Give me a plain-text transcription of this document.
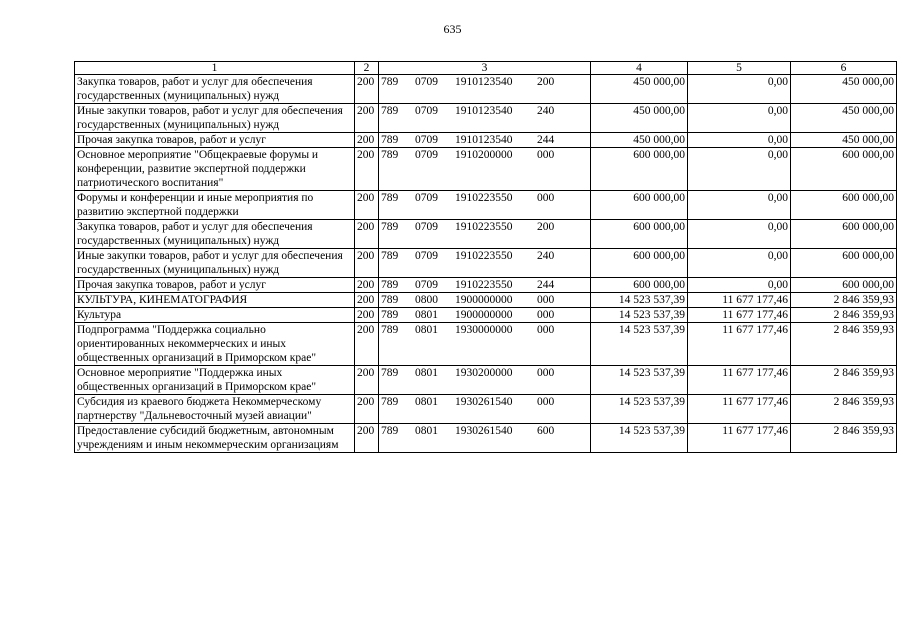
635
1	2	3	4	5	6
Закупка товаров, работ и услуг для обеспечения государственных (муниципальных) нужд	200	789 0709 1910123540 200	450 000,00	0,00	450 000,00
Иные закупки товаров, работ и услуг для обеспечения государственных (муниципальных) нужд	200	789 0709 1910123540 240	450 000,00	0,00	450 000,00
Прочая закупка товаров, работ и услуг	200	789 0709 1910123540 244	450 000,00	0,00	450 000,00
Основное мероприятие "Общекраевые форумы и конференции, развитие экспертной поддержки патриотического воспитания"	200	789 0709 1910200000 000	600 000,00	0,00	600 000,00
Форумы и конференции и иные мероприятия по развитию экспертной поддержки	200	789 0709 1910223550 000	600 000,00	0,00	600 000,00
Закупка товаров, работ и услуг для обеспечения государственных (муниципальных) нужд	200	789 0709 1910223550 200	600 000,00	0,00	600 000,00
Иные закупки товаров, работ и услуг для обеспечения государственных (муниципальных) нужд	200	789 0709 1910223550 240	600 000,00	0,00	600 000,00
Прочая закупка товаров, работ и услуг	200	789 0709 1910223550 244	600 000,00	0,00	600 000,00
КУЛЬТУРА, КИНЕМАТОГРАФИЯ	200	789 0800 1900000000 000	14 523 537,39	11 677 177,46	2 846 359,93
Культура	200	789 0801 1900000000 000	14 523 537,39	11 677 177,46	2 846 359,93
Подпрограмма "Поддержка социально ориентированных некоммерческих и иных общественных организаций в Приморском крае"	200	789 0801 1930000000 000	14 523 537,39	11 677 177,46	2 846 359,93
Основное мероприятие "Поддержка иных общественных организаций в Приморском крае"	200	789 0801 1930200000 000	14 523 537,39	11 677 177,46	2 846 359,93
Субсидия из краевого бюджета Некоммерческому партнерству "Дальневосточный музей авиации"	200	789 0801 1930261540 000	14 523 537,39	11 677 177,46	2 846 359,93
Предоставление субсидий бюджетным, автономным учреждениям и иным некоммерческим организациям	200	789 0801 1930261540 600	14 523 537,39	11 677 177,46	2 846 359,93
